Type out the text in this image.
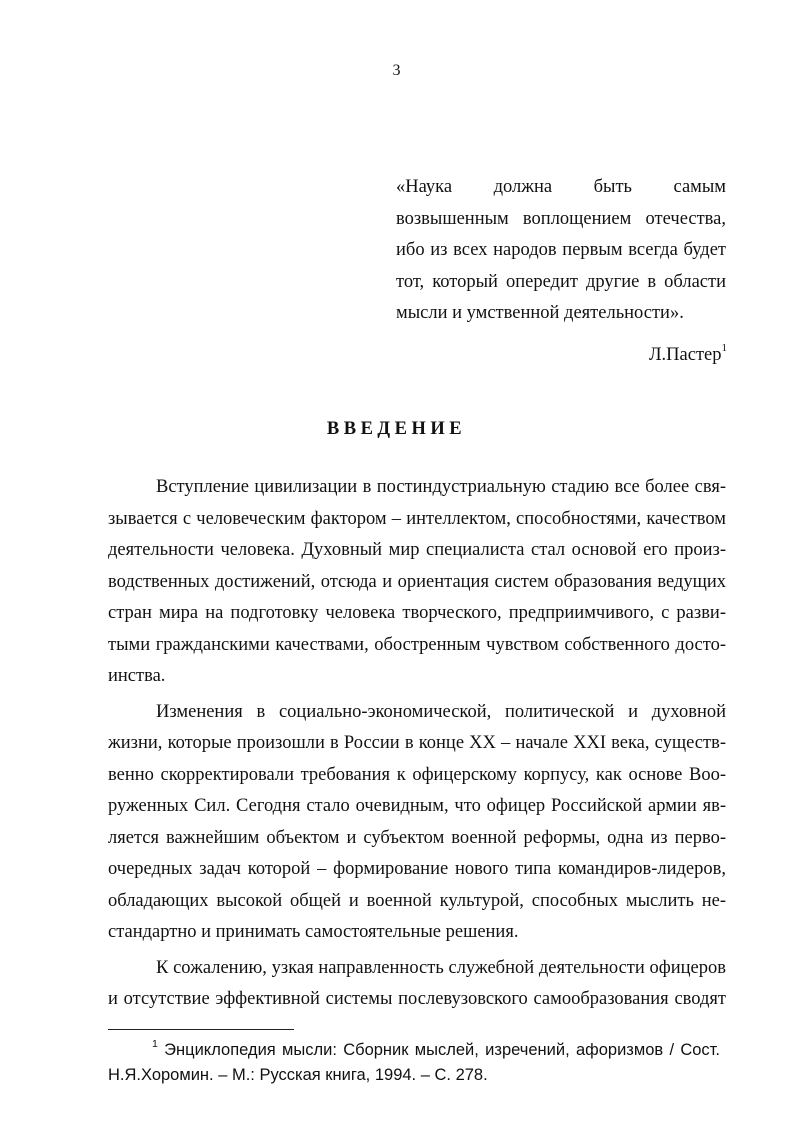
3
«Наука должна быть самым
возвышенным воплощением отечества,
ибо из всех народов первым всегда будет
тот, который опередит другие в области
мысли и умственной деятельности».
Л.Пастер$^1$
ВВЕДЕНИЕ
Вступление цивилизации в постиндустриальную стадию все более свя-
зывается с человеческим фактором – интеллектом, способностями, качеством
деятельности человека. Духовный мир специалиста стал основой его произ-
водственных достижений, отсюда и ориентация систем образования ведущих
стран мира на подготовку человека творческого, предприимчивого, с разви-
тыми гражданскими качествами, обостренным чувством собственного досто-
инства.
Изменения в социально-экономической, политической и духовной
жизни, которые произошли в России в конце XX – начале XXI века, существ-
венно скорректировали требования к офицерскому корпусу, как основе Воо-
руженных Сил. Сегодня стало очевидным, что офицер Российской армии яв-
ляется важнейшим объектом и субъектом военной реформы, одна из перво-
очередных задач которой – формирование нового типа командиров-лидеров,
обладающих высокой общей и военной культурой, способных мыслить не-
стандартно и принимать самостоятельные решения.
К сожалению, узкая направленность служебной деятельности офицеров
и отсутствие эффективной системы послевузовского самообразования сводят
$^1$ Энциклопедия мысли: Сборник мыслей, изречений, афоризмов / Сост.
Н.Я.Хоромин. – М.: Русская книга, 1994. – С. 278.
